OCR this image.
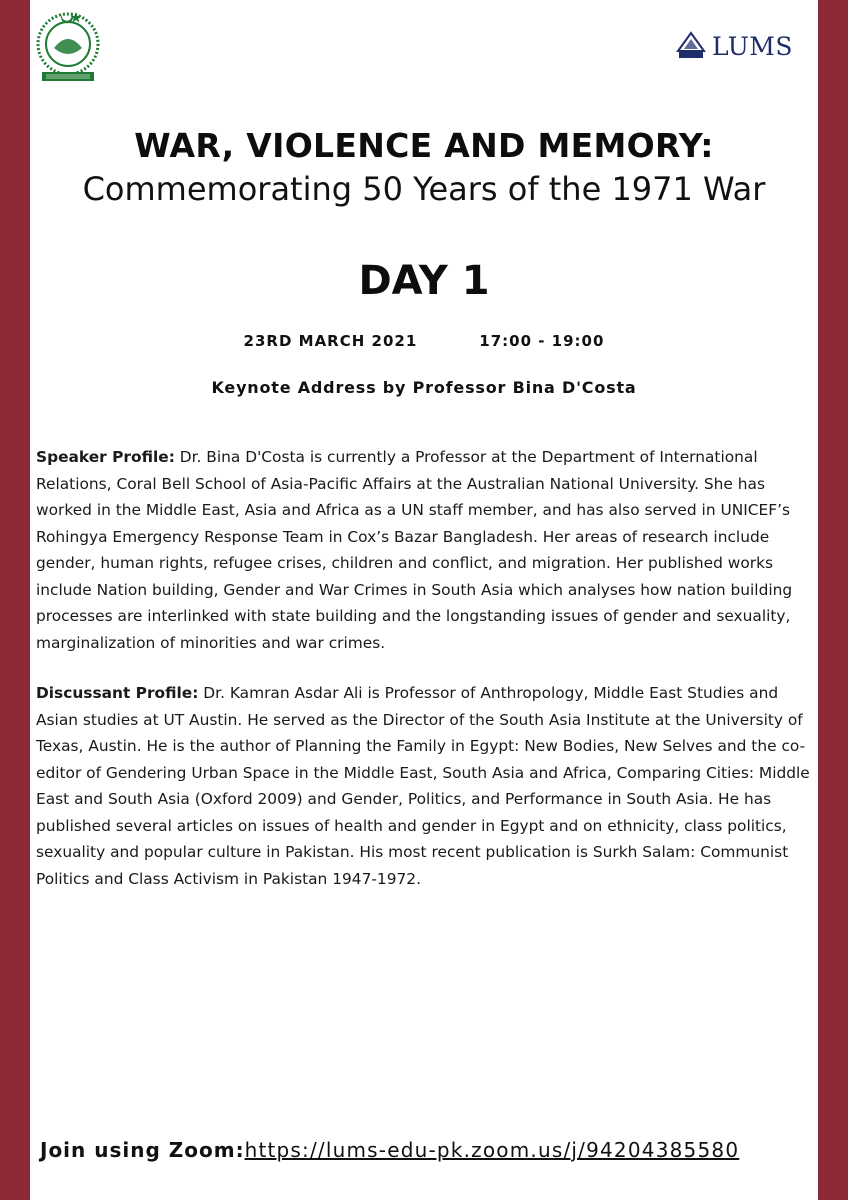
LUMS
WAR, VIOLENCE AND MEMORY:
Commemorating 50 Years of the 1971 War
DAY 1
23RD MARCH 2021	17:00 - 19:00
Keynote Address by Professor Bina D'Costa
Speaker Profile: Dr. Bina D'Costa is currently a Professor at the Department of International Relations, Coral Bell School of Asia-Pacific Affairs at the Australian National University. She has worked in the Middle East, Asia and Africa as a UN staff member, and has also served in UNICEF’s Rohingya Emergency Response Team in Cox’s Bazar Bangladesh. Her areas of research include gender, human rights, refugee crises, children and conflict, and migration. Her published works include Nation building, Gender and War Crimes in South Asia which analyses how nation building processes are interlinked with state building and the longstanding issues of gender and sexuality, marginalization of minorities and war crimes.
Discussant Profile: Dr. Kamran Asdar Ali is Professor of Anthropology, Middle East Studies and Asian studies at UT Austin. He served as the Director of the South Asia Institute at the University of Texas, Austin. He is the author of Planning the Family in Egypt: New Bodies, New Selves and the co-editor of Gendering Urban Space in the Middle East, South Asia and Africa, Comparing Cities: Middle East and South Asia (Oxford 2009) and Gender, Politics, and Performance in South Asia. He has published several articles on issues of health and gender in Egypt and on ethnicity, class politics, sexuality and popular culture in Pakistan. His most recent publication is Surkh Salam: Communist Politics and Class Activism in Pakistan 1947-1972.
Join using Zoom:https://lums-edu-pk.zoom.us/j/94204385580
